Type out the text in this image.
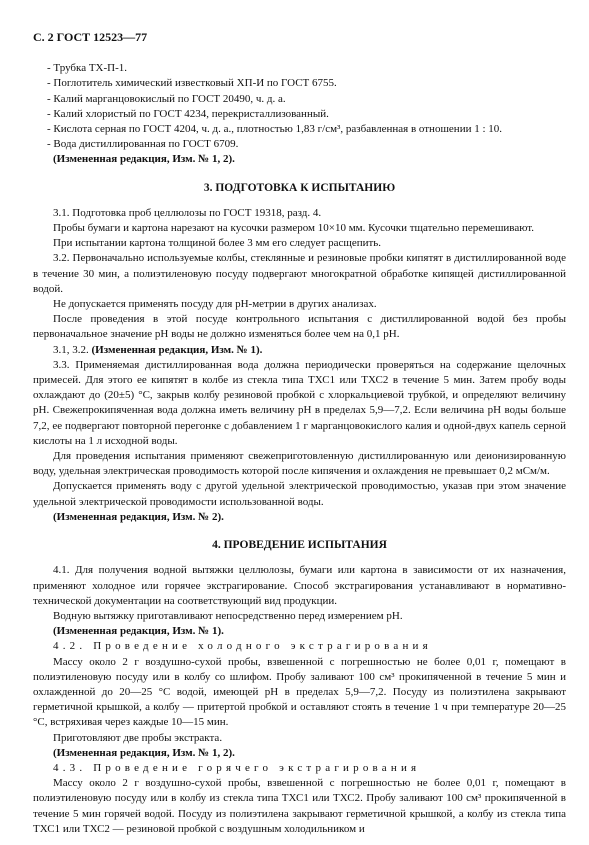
С. 2 ГОСТ 12523—77

- Трубка ТХ-П-1.

- Поглотитель химический известковый ХП-И по ГОСТ 6755.

- Калий марганцовокислый по ГОСТ 20490, ч. д. а.

- Калий хлористый по ГОСТ 4234, перекристаллизованный.

- Кислота серная по ГОСТ 4204, ч. д. а., плотностью 1,83 г/см³, разбавленная в отношении 1 : 10.

- Вода дистиллированная по ГОСТ 6709.

(Измененная редакция, Изм. № 1, 2).

3. ПОДГОТОВКА К ИСПЫТАНИЮ

3.1. Подготовка проб целлюлозы по ГОСТ 19318, разд. 4.

Пробы бумаги и картона нарезают на кусочки размером 10×10 мм. Кусочки тщательно перемешивают.

При испытании картона толщиной более 3 мм его следует расщепить.

3.2. Первоначально используемые колбы, стеклянные и резиновые пробки кипятят в дистиллированной воде в течение 30 мин, а полиэтиленовую посуду подвергают многократной обработке кипящей дистиллированной водой.

Не допускается применять посуду для pH-метрии в других анализах.

После проведения в этой посуде контрольного испытания с дистиллированной водой без пробы первоначальное значение pH воды не должно изменяться более чем на 0,1 pH.

3.1, 3.2. (Измененная редакция, Изм. № 1).

3.3. Применяемая дистиллированная вода должна периодически проверяться на содержание щелочных примесей. Для этого ее кипятят в колбе из стекла типа ТХС1 или ТХС2 в течение 5 мин. Затем пробу воды охлаждают до (20±5) °С, закрыв колбу резиновой пробкой с хлоркальциевой трубкой, и определяют величину pH. Свежепрокипяченная вода должна иметь величину pH в пределах 5,9—7,2. Если величина pH воды больше 7,2, ее подвергают повторной перегонке с добавлением 1 г марганцовокислого калия и одной-двух капель серной кислоты на 1 л исходной воды.

Для проведения испытания применяют свежеприготовленную дистиллированную или деионизированную воду, удельная электрическая проводимость которой после кипячения и охлаждения не превышает 0,2 мСм/м.

Допускается применять воду с другой удельной электрической проводимостью, указав при этом значение удельной электрической проводимости использованной воды.

(Измененная редакция, Изм. № 2).

4. ПРОВЕДЕНИЕ ИСПЫТАНИЯ

4.1. Для получения водной вытяжки целлюлозы, бумаги или картона в зависимости от их назначения, применяют холодное или горячее экстрагирование. Способ экстрагирования устанавливают в нормативно-технической документации на соответствующий вид продукции.

Водную вытяжку приготавливают непосредственно перед измерением pH.

(Измененная редакция, Изм. № 1).

4.2. Проведение холодного экстрагирования

Массу около 2 г воздушно-сухой пробы, взвешенной с погрешностью не более 0,01 г, помещают в полиэтиленовую посуду или в колбу со шлифом. Пробу заливают 100 см³ прокипяченной в течение 5 мин и охлажденной до 20—25 °С водой, имеющей pH в пределах 5,9—7,2. Посуду из полиэтилена закрывают герметичной крышкой, а колбу — притертой пробкой и оставляют стоять в течение 1 ч при температуре 20—25 °С, встряхивая через каждые 10—15 мин.

Приготовляют две пробы экстракта.

(Измененная редакция, Изм. № 1, 2).

4.3. Проведение горячего экстрагирования

Массу около 2 г воздушно-сухой пробы, взвешенной с погрешностью не более 0,01 г, помещают в полиэтиленовую посуду или в колбу из стекла типа ТХС1 или ТХС2. Пробу заливают 100 см³ прокипяченной в течение 5 мин горячей водой. Посуду из полиэтилена закрывают герметичной крышкой, а колбу из стекла типа ТХС1 или ТХС2 — резиновой пробкой с воздушным холодильником и
